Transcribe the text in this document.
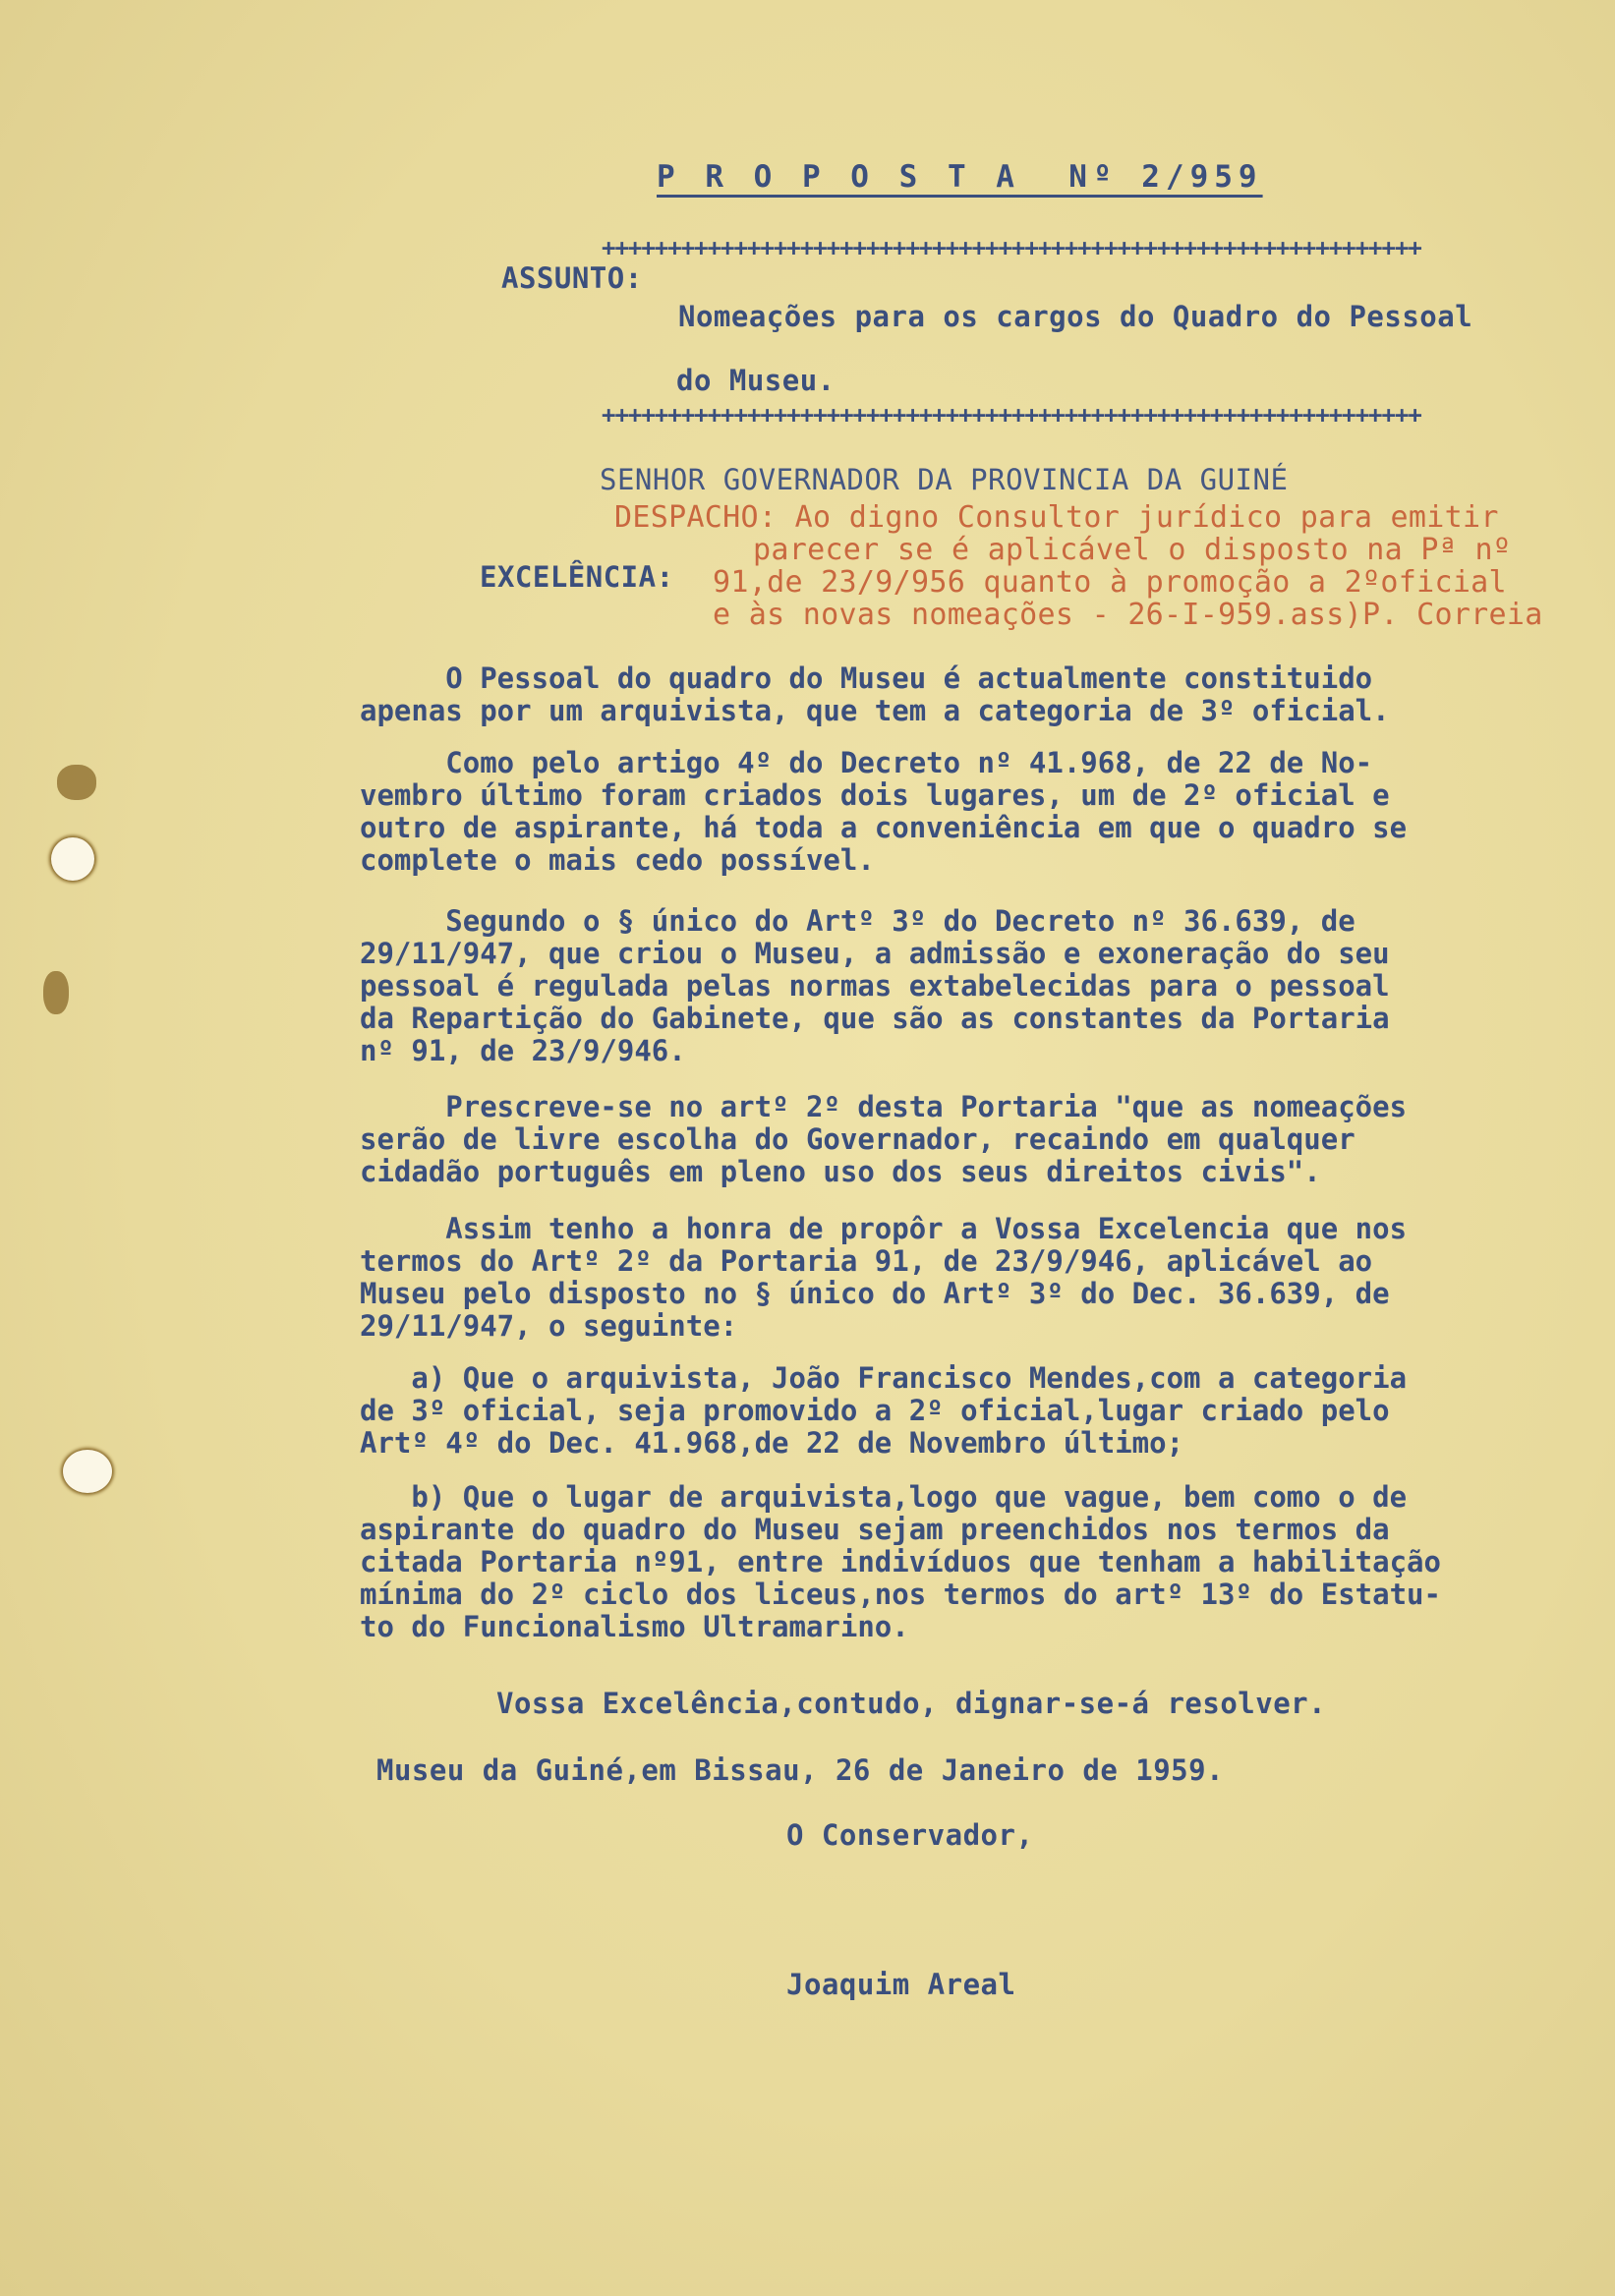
P R O P O S T A  Nº 2/959
++++++++++++++++++++++++++++++++++++++++++++++++++++++++++++++
ASSUNTO:
Nomeações para os cargos do Quadro do Pessoal
do Museu.
++++++++++++++++++++++++++++++++++++++++++++++++++++++++++++++
SENHOR GOVERNADOR DA PROVINCIA DA GUINÉ
DESPACHO: Ao digno Consultor jurídico para emitir
parecer se é aplicável o disposto na Pª nº
EXCELÊNCIA: 91,de 23/9/956 quanto à promoção a 2ºoficial
e às novas nomeações - 26-I-959.ass)P. Correia
O Pessoal do quadro do Museu é actualmente constituido
apenas por um arquivista, que tem a categoria de 3º oficial.
Como pelo artigo 4º do Decreto nº 41.968, de 22 de No-
vembro último foram criados dois lugares, um de 2º oficial e
outro de aspirante, há toda a conveniência em que o quadro se
complete o mais cedo possível.
Segundo o § único do Artº 3º do Decreto nº 36.639, de
29/11/947, que criou o Museu, a admissão e exoneração do seu
pessoal é regulada pelas normas extabelecidas para o pessoal
da Repartição do Gabinete, que são as constantes da Portaria
nº 91, de 23/9/946.
Prescreve-se no artº 2º desta Portaria "que as nomeações
serão de livre escolha do Governador, recaindo em qualquer
cidadão português em pleno uso dos seus direitos civis".
Assim tenho a honra de propôr a Vossa Excelencia que nos
termos do Artº 2º da Portaria 91, de 23/9/946, aplicável ao
Museu pelo disposto no § único do Artº 3º do Dec. 36.639, de
29/11/947, o seguinte:
a) Que o arquivista, João Francisco Mendes,com a categoria
de 3º oficial, seja promovido a 2º oficial,lugar criado pelo
Artº 4º do Dec. 41.968,de 22 de Novembro último;
b) Que o lugar de arquivista,logo que vague, bem como o de
aspirante do quadro do Museu sejam preenchidos nos termos da
citada Portaria nº91, entre indivíduos que tenham a habilitação
mínima do 2º ciclo dos liceus,nos termos do artº 13º do Estatu-
to do Funcionalismo Ultramarino.
Vossa Excelência,contudo, dignar-se-á resolver.
Museu da Guiné,em Bissau, 26 de Janeiro de 1959.
O Conservador,
Joaquim Areal
